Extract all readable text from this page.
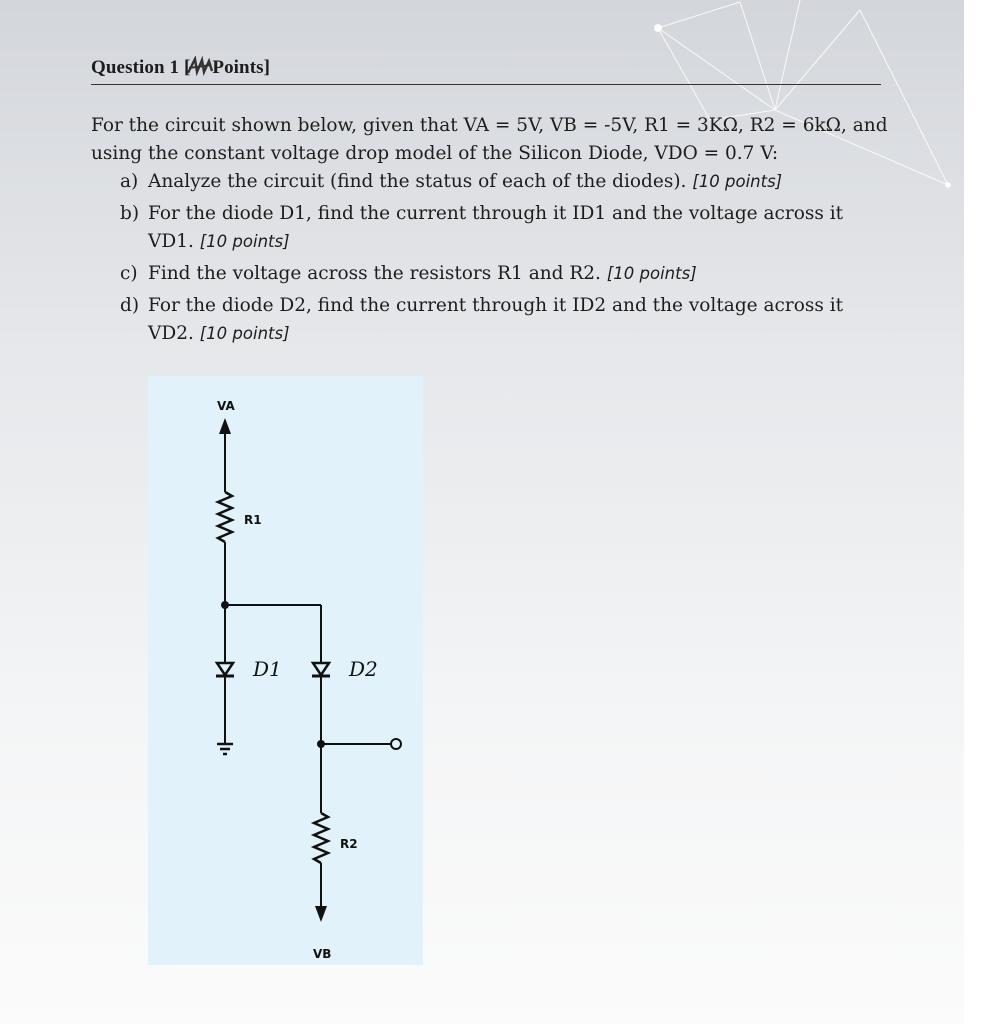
Question 1 [ Points]
For the circuit shown below, given that VA = 5V, VB = -5V, R1 = 3KΩ, R2 = 6kΩ, and
using the constant voltage drop model of the Silicon Diode, VDO = 0.7 V:
a) Analyze the circuit (find the status of each of the diodes). [10 points]
b) For the diode D1, find the current through it ID1 and the voltage across it
VD1. [10 points]
c) Find the voltage across the resistors R1 and R2. [10 points]
d) For the diode D2, find the current through it ID2 and the voltage across it
VD2. [10 points]
VA
R1
R2
VB
D1	D2
